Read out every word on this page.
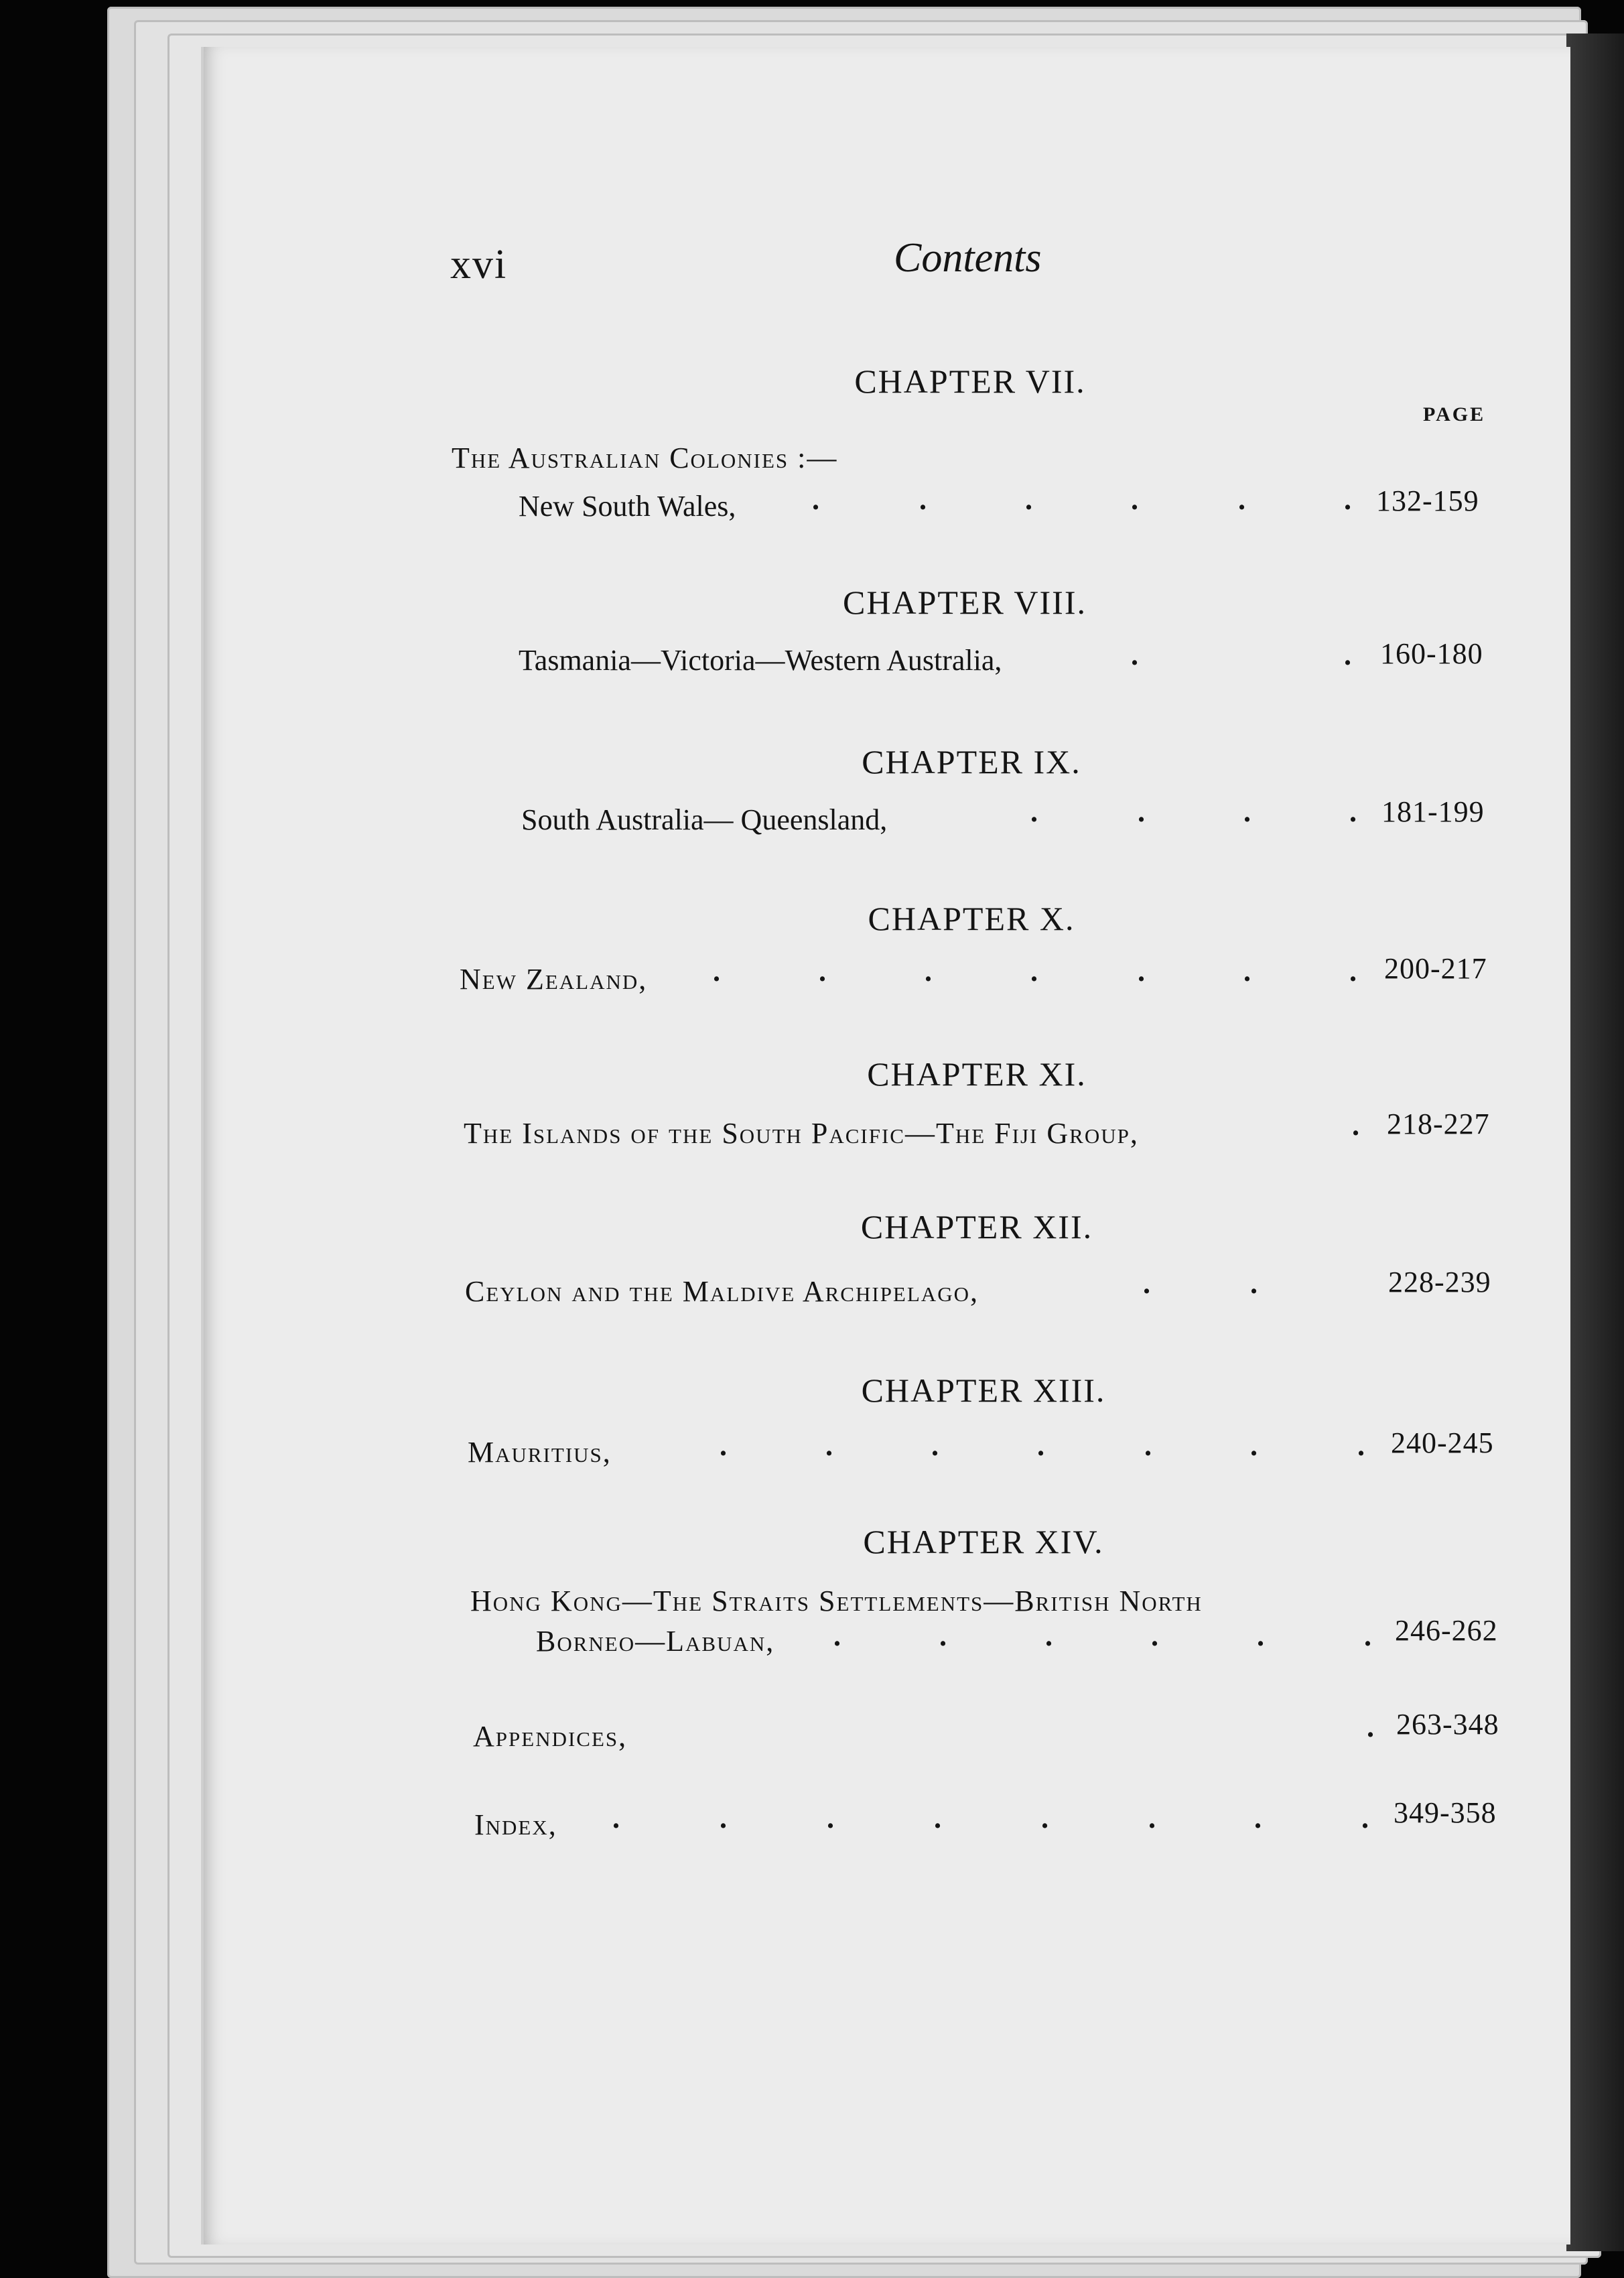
xvi	Contents
CHAPTER VII.
PAGE
The Australian Colonies :—
New South Wales,	.	.	.	.	.	. 132-159
CHAPTER VIII.
Tasmania—Victoria—Western Australia,	.	. 160-180
CHAPTER IX.
South Australia— Queensland,	.	.	.	. 181-199
CHAPTER X.
New Zealand, .	.	.	.	.	.	. 200-217
CHAPTER XI.
The Islands of the South Pacific—The Fiji Group,	. 218-227
CHAPTER XII.
Ceylon and the Maldive Archipelago,	.	.	228-239
CHAPTER XIII.
Mauritius,	.	.	.	.	.	.	. 240-245
CHAPTER XIV.
Hong Kong—The Straits Settlements—British North
Borneo—Labuan, .	.	.	.	.	. 246-262
Appendices,	. 263-348
Index, .	.	.	.	.	.	.	. 349-358
